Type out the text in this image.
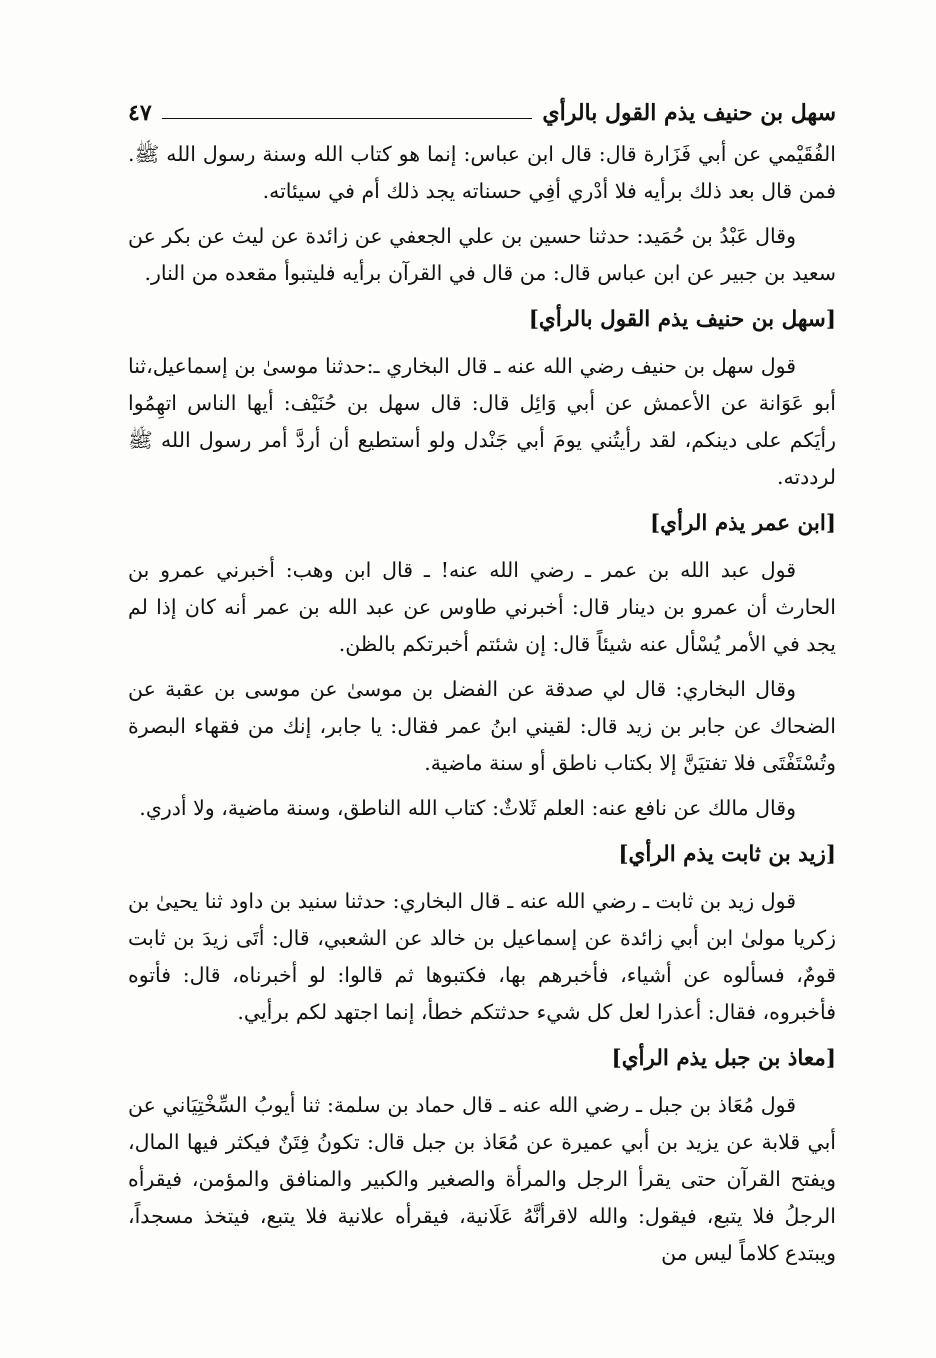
سهل بن حنيف يذم القول بالرأي
٤٧

الفُقَيْمي عن أبي فَزَارة قال: قال ابن عباس: إنما هو كتاب الله وسنة رسول الله ﷺ. فمن قال بعد ذلك برأيه فلا أدْري أفِي حسناته يجد ذلك أم في سيئاته.

وقال عَبْدُ بن حُمَيد: حدثنا حسين بن علي الجعفي عن زائدة عن ليث عن بكر عن سعيد بن جبير عن ابن عباس قال: من قال في القرآن برأيه فليتبوأ مقعده من النار.

[سهل بن حنيف يذم القول بالرأي]

قول سهل بن حنيف رضي الله عنه ـ قال البخاري ـ:حدثنا موسىٰ بن إسماعيل،ثنا أبو عَوَانة عن الأعمش عن أبي وَائِل قال: قال سهل بن حُنَيْف: أيها الناس اتهِمُوا رأيَكم على دينكم، لقد رأيتُني يومَ أبي جَنْدل ولو أستطيع أن أردَّ أمر رسول الله ﷺ لرددته.

[ابن عمر يذم الرأي]

قول عبد الله بن عمر ـ رضي الله عنه! ـ قال ابن وهب: أخبرني عمرو بن الحارث أن عمرو بن دينار قال: أخبرني طاوس عن عبد الله بن عمر أنه كان إذا لم يجد في الأمر يُسْأل عنه شيئاً قال: إن شئتم أخبرتكم بالظن.

وقال البخاري: قال لي صدقة عن الفضل بن موسىٰ عن موسى بن عقبة عن الضحاك عن جابر بن زيد قال: لقيني ابنُ عمر فقال: يا جابر، إنك من فقهاء البصرة وتُسْتَفْتَى فلا تفتيَنَّ إلا بكتاب ناطق أو سنة ماضية.

وقال مالك عن نافع عنه: العلم ثَلاثٌ: كتاب الله الناطق، وسنة ماضية، ولا أدري.

[زيد بن ثابت يذم الرأي]

قول زيد بن ثابت ـ رضي الله عنه ـ قال البخاري: حدثنا سنيد بن داود ثنا يحيىٰ بن زكريا مولىٰ ابن أبي زائدة عن إسماعيل بن خالد عن الشعبي، قال: أتَى زيدَ بن ثابت قومٌ، فسألوه عن أشياء، فأخبرهم بها، فكتبوها ثم قالوا: لو أخبرناه، قال: فأتوه فأخبروه، فقال: أعذرا لعل كل شيء حدثتكم خطأ، إنما اجتهد لكم برأيي.

[معاذ بن جبل يذم الرأي]

قول مُعَاذ بن جبل ـ رضي الله عنه ـ قال حماد بن سلمة: ثنا أيوبُ السِّخْتِيَاني عن أبي قلابة عن يزيد بن أبي عميرة عن مُعَاذ بن جبل قال: تكونُ فِتَنٌ فيكثر فيها المال، ويفتح القرآن حتى يقرأ الرجل والمرأة والصغير والكبير والمنافق والمؤمن، فيقرأه الرجلُ فلا يتبع، فيقول: والله لاقرأنَّهُ عَلَانية، فيقرأه علانية فلا يتبع، فيتخذ مسجداً، ويبتدع كلاماً ليس من
